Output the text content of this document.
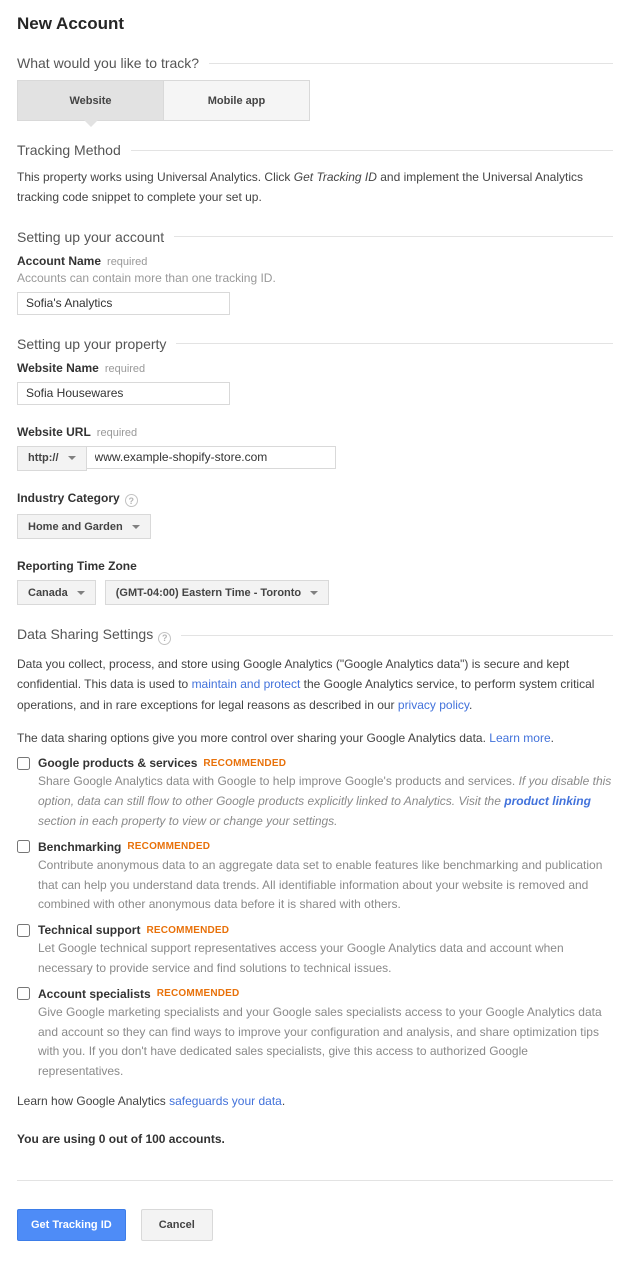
New Account
What would you like to track?
Website	Mobile app
Tracking Method

This property works using Universal Analytics. Click Get Tracking ID and implement the Universal Analytics tracking code snippet to complete your set up.

Setting up your account
Account Name required
Accounts can contain more than one tracking ID.
Sofia's Analytics
Setting up your property
Website Name required
Sofia Housewares
Website URL required
http://
www.example-shopify-store.com
Industry Category?
Home and Garden
Reporting Time Zone
Canada	(GMT-04:00) Eastern Time - Toronto
Data Sharing Settings?

Data you collect, process, and store using Google Analytics ("Google Analytics data") is secure and kept confidential. This data is used to maintain and protect the Google Analytics service, to perform system critical operations, and in rare exceptions for legal reasons as described in our privacy policy.

The data sharing options give you more control over sharing your Google Analytics data. Learn more.

Google products & services RECOMMENDED
Share Google Analytics data with Google to help improve Google's products and services. If you disable this option, data can still flow to other Google products explicitly linked to Analytics. Visit the product linking section in each property to view or change your settings.
Benchmarking RECOMMENDED
Contribute anonymous data to an aggregate data set to enable features like benchmarking and publication that can help you understand data trends. All identifiable information about your website is removed and combined with other anonymous data before it is shared with others.
Technical support RECOMMENDED
Let Google technical support representatives access your Google Analytics data and account when necessary to provide service and find solutions to technical issues.
Account specialists RECOMMENDED
Give Google marketing specialists and your Google sales specialists access to your Google Analytics data and account so they can find ways to improve your configuration and analysis, and share optimization tips with you. If you don't have dedicated sales specialists, give this access to authorized Google representatives.

Learn how Google Analytics safeguards your data.

You are using 0 out of 100 accounts.

Get Tracking ID	Cancel
